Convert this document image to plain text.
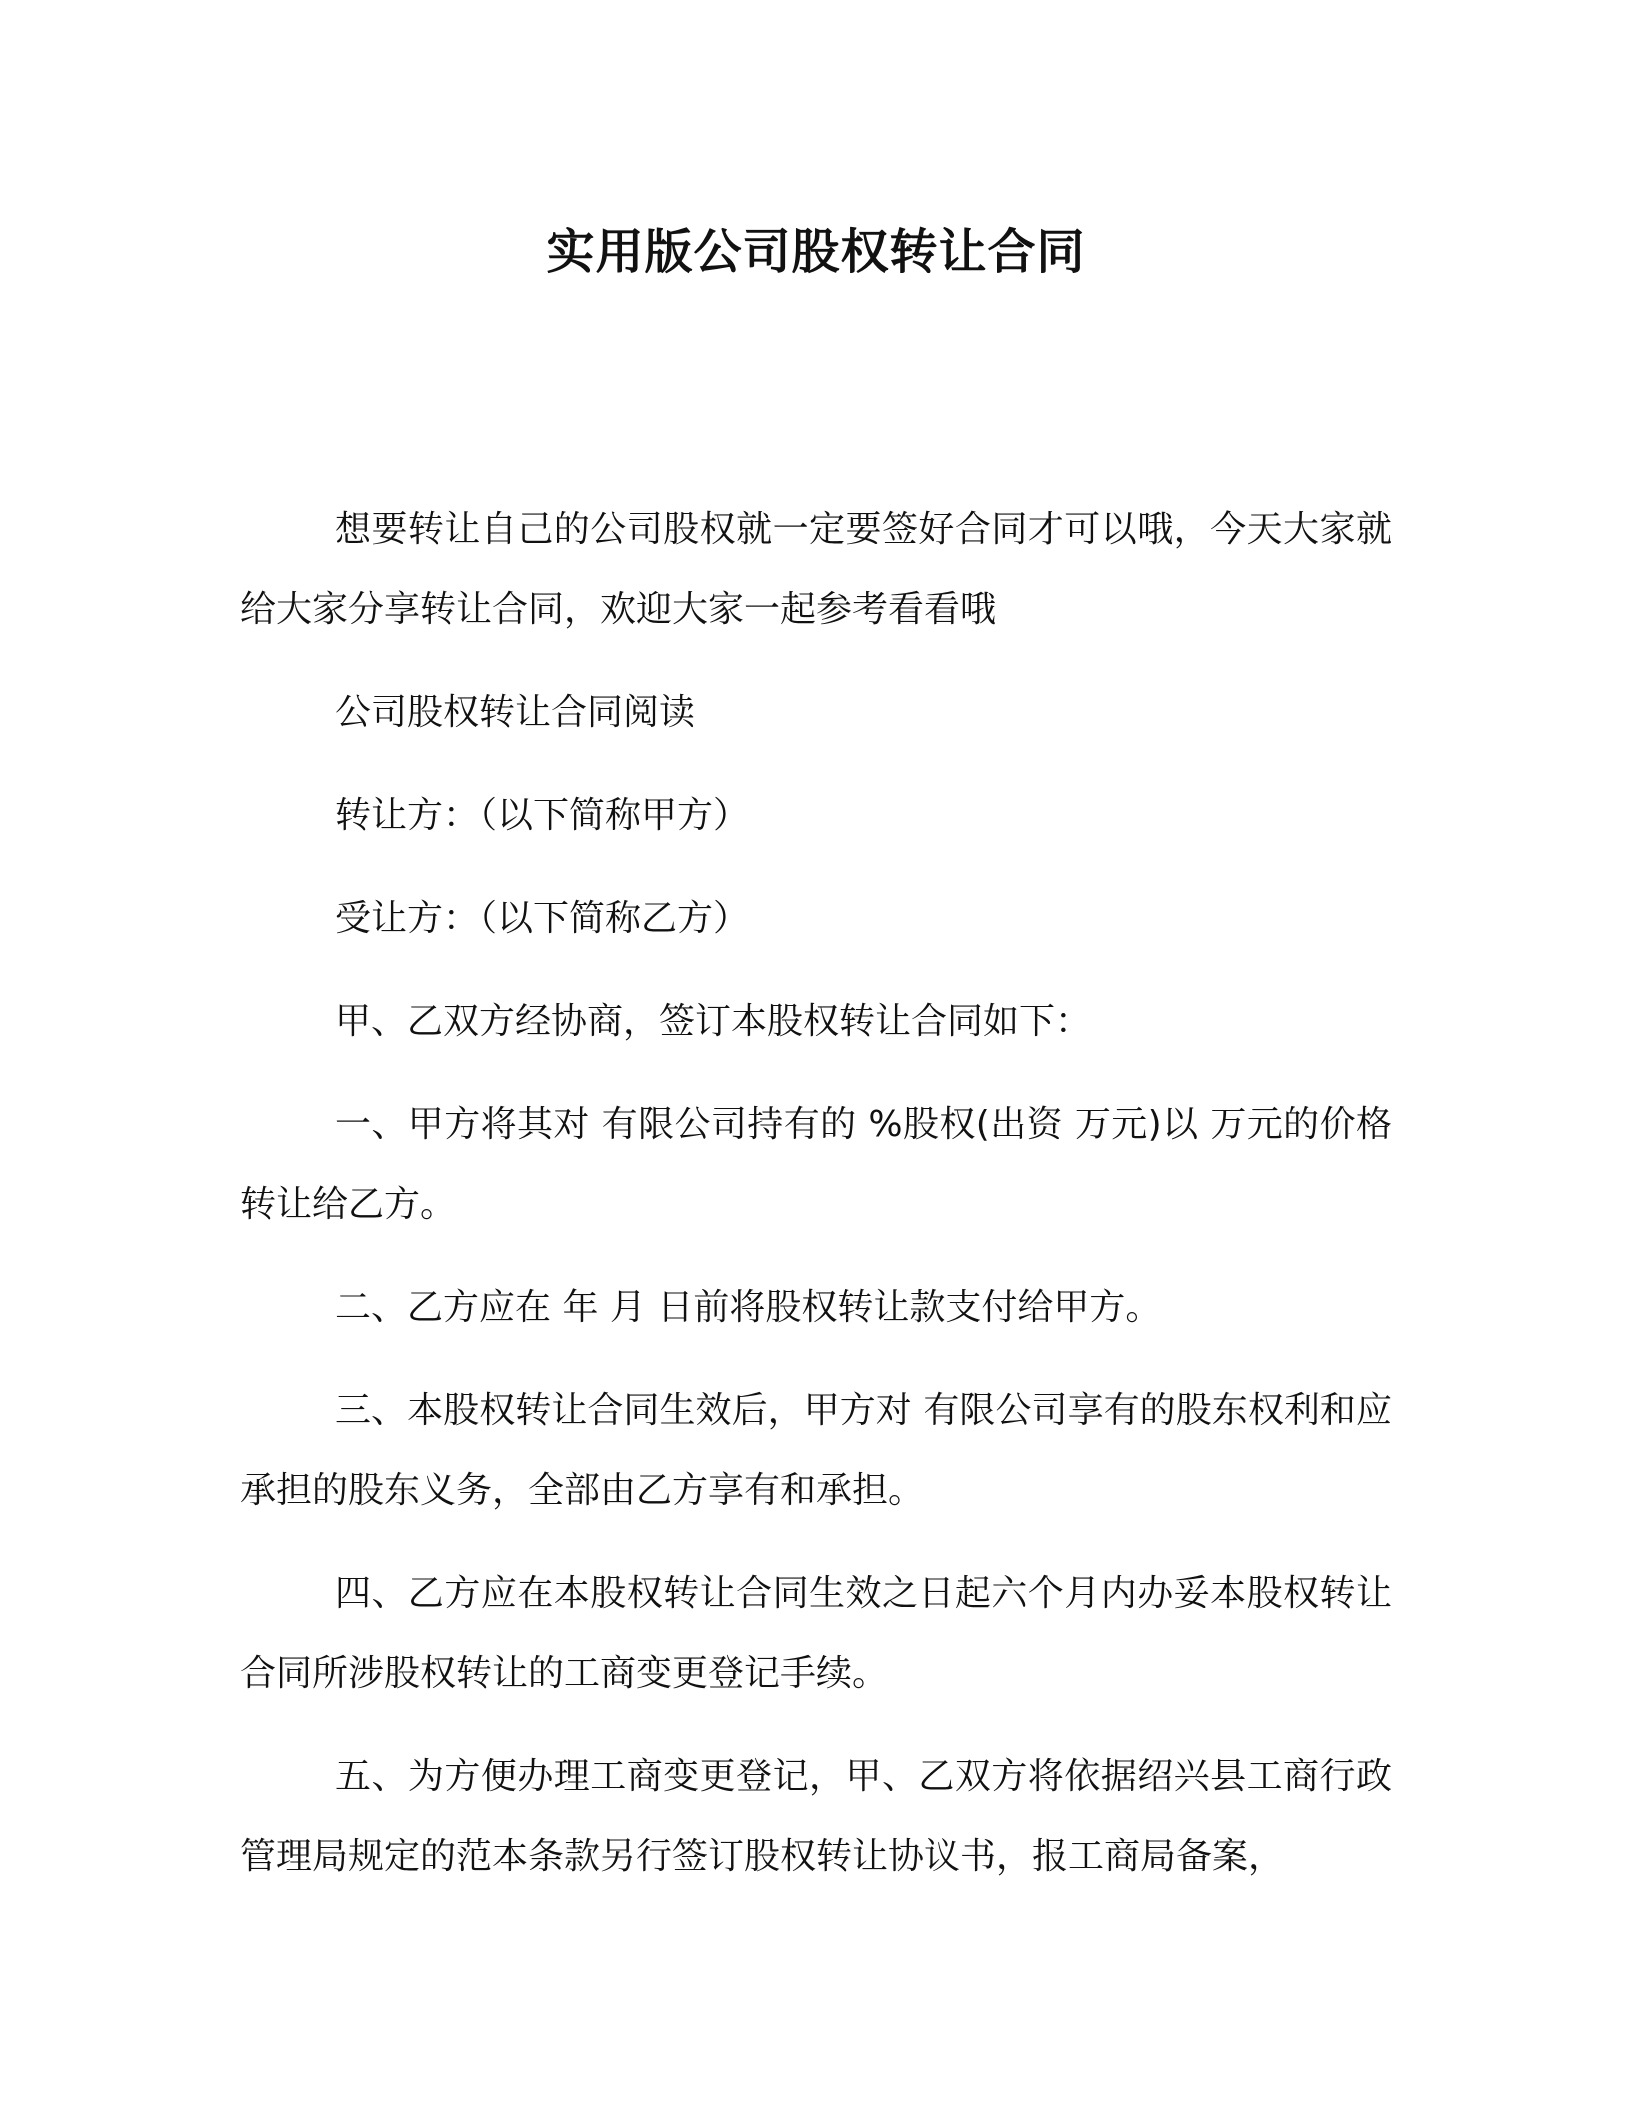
实用版公司股权转让合同

想要转让自己的公司股权就一定要签好合同才可以哦，今天大家就给大家分享转让合同，欢迎大家一起参考看看哦

公司股权转让合同阅读

转让方：（以下简称甲方）

受让方：（以下简称乙方）

甲、乙双方经协商，签订本股权转让合同如下：

一、甲方将其对 有限公司持有的 %股权(出资 万元)以 万元的价格转让给乙方。

二、乙方应在 年 月 日前将股权转让款支付给甲方。

三、本股权转让合同生效后，甲方对 有限公司享有的股东权利和应承担的股东义务，全部由乙方享有和承担。

四、乙方应在本股权转让合同生效之日起六个月内办妥本股权转让合同所涉股权转让的工商变更登记手续。

五、为方便办理工商变更登记，甲、乙双方将依据绍兴县工商行政管理局规定的范本条款另行签订股权转让协议书，报工商局备案，
